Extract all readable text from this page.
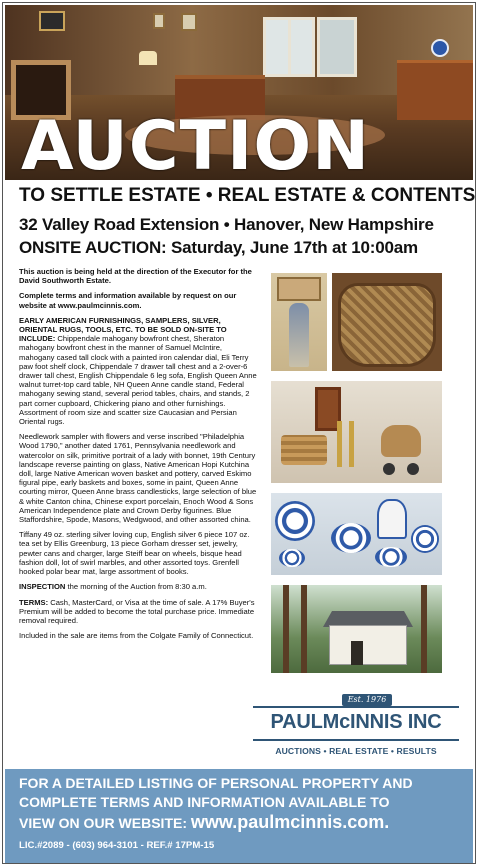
AUCTION
TO SETTLE ESTATE • REAL ESTATE & CONTENTS
32 Valley Road Extension • Hanover, New Hampshire
ONSITE AUCTION: Saturday, June 17th at 10:00am

This auction is being held at the direction of the Executor for the David Southworth Estate.

Complete terms and information available by request on our website at www.paulmcinnis.com.

EARLY AMERICAN FURNISHINGS, SAMPLERS, SILVER, ORIENTAL RUGS, TOOLS, ETC. TO BE SOLD ON-SITE TO INCLUDE: Chippendale mahogany bowfront chest, Sheraton mahogany bowfront chest in the manner of Samuel McIntire, mahogany cased tall clock with a painted iron calendar dial, Eli Terry paw foot shelf clock, Chippendale 7 drawer tall chest and a 2-over-6 drawer tall chest, English Chippendale 6 leg sofa, English Queen Anne walnut turret-top card table, NH Queen Anne candle stand, Federal mahogany sewing stand, several period tables, chairs, and stands, 2 part corner cupboard, Chickering piano and other furnishings. Assortment of room size and scatter size Caucasian and Persian Oriental rugs.

Needlework sampler with flowers and verse inscribed "Philadelphia Wood 1790," another dated 1761, Pennsylvania needlework and watercolor on silk, primitive portrait of a lady with bonnet, 19th Century landscape reverse painting on glass, Native American Hopi Kutchina doll, large Native American woven basket and pottery, carved Eskimo figural pipe, early baskets and boxes, some in paint, Queen Anne courting mirror, Queen Anne brass candlesticks, large selection of blue & white Canton china, Chinese export porcelain, Enoch Wood & Sons American Independence plate and Crown Derby figurines. Blue Staffordshire, Spode, Masons, Wedgwood, and other assorted china.

Tiffany 49 oz. sterling silver loving cup, English silver 6 piece 107 oz. tea set by Ellis Greenburg, 13 piece Gorham dresser set, jewelry, pewter cans and charger, large Steiff bear on wheels, bisque head fashion doll, lot of swirl marbles, and other assorted toys. Grenfell hooked polar bear mat, large assortment of books.

INSPECTION the morning of the Auction from 8:30 a.m.

TERMS: Cash, MasterCard, or Visa at the time of sale. A 17% Buyer's Premium will be added to become the total purchase price. Immediate removal required.

Included in the sale are items from the Colgate Family of Connecticut.

Est. 1976
PAULMcINNIS INC
AUCTIONS • REAL ESTATE • RESULTS
FOR A DETAILED LISTING OF PERSONAL PROPERTY AND
COMPLETE TERMS AND INFORMATION AVAILABLE TO
VIEW ON OUR WEBSITE: www.paulmcinnis.com.
LIC.#2089 - (603) 964-3101 - REF.# 17PM-15
